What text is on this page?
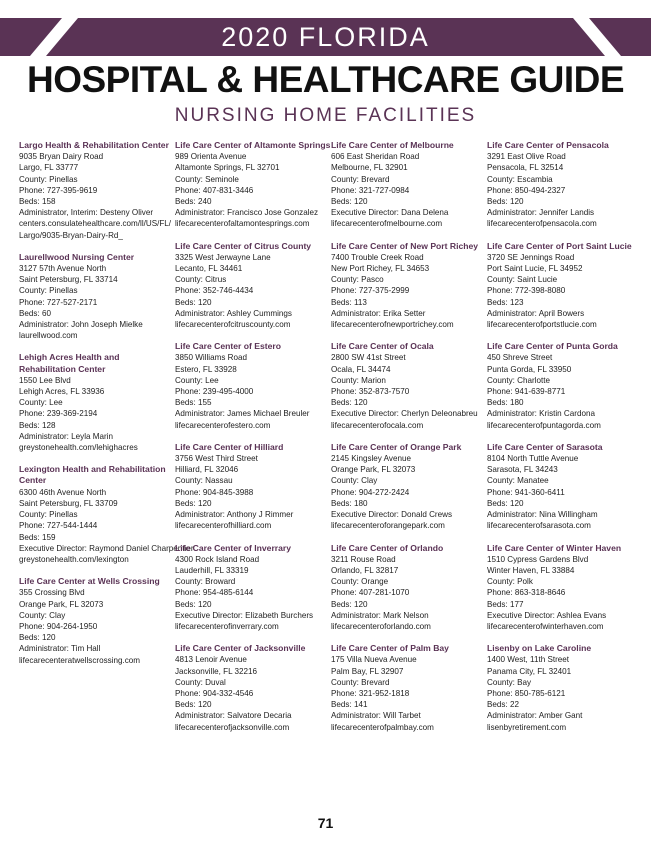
2020 FLORIDA
HOSPITAL & HEALTHCARE GUIDE
NURSING HOME FACILITIES
Largo Health & Rehabilitation Center
9035 Bryan Dairy Road
Largo, FL 33777
County: Pinellas
Phone: 727-395-9619
Beds: 158
Administrator, Interim: Desteny Oliver
centers.consulatehealthcare.com/ll/US/FL/
Largo/9035-Bryan-Dairy-Rd_
Laurellwood Nursing Center
3127 57th Avenue North
Saint Petersburg, FL 33714
County: Pinellas
Phone: 727-527-2171
Beds: 60
Administrator: John Joseph Mielke
laurellwood.com
Lehigh Acres Health and Rehabilitation Center
1550 Lee Blvd
Lehigh Acres, FL 33936
County: Lee
Phone: 239-369-2194
Beds: 128
Administrator: Leyla Marin
greystonehealth.com/lehighacres
Lexington Health and Rehabilitation Center
6300 46th Avenue North
Saint Petersburg, FL 33709
County: Pinellas
Phone: 727-544-1444
Beds: 159
Executive Director: Raymond Daniel Charpentier
greystonehealth.com/lexington
Life Care Center at Wells Crossing
355 Crossing Blvd
Orange Park, FL 32073
County: Clay
Phone: 904-264-1950
Beds: 120
Administrator: Tim Hall
lifecarecenteratwellscrossing.com
Life Care Center of Altamonte Springs
989 Orienta Avenue
Altamonte Springs, FL 32701
County: Seminole
Phone: 407-831-3446
Beds: 240
Administrator: Francisco Jose Gonzalez
lifecarecenterofaltamontesprings.com
Life Care Center of Citrus County
3325 West Jerwayne Lane
Lecanto, FL 34461
County: Citrus
Phone: 352-746-4434
Beds: 120
Administrator: Ashley Cummings
lifecarecenterofcitruscounty.com
Life Care Center of Estero
3850 Williams Road
Estero, FL 33928
County: Lee
Phone: 239-495-4000
Beds: 155
Administrator: James Michael Breuler
lifecarecenterofestero.com
Life Care Center of Hilliard
3756 West Third Street
Hilliard, FL 32046
County: Nassau
Phone: 904-845-3988
Beds: 120
Administrator: Anthony J Rimmer
lifecarecenterofhilliard.com
Life Care Center of Inverrary
4300 Rock Island Road
Lauderhill, FL 33319
County: Broward
Phone: 954-485-6144
Beds: 120
Executive Director: Elizabeth Burchers
lifecarecenterofinverrary.com
Life Care Center of Jacksonville
4813 Lenoir Avenue
Jacksonville, FL 32216
County: Duval
Phone: 904-332-4546
Beds: 120
Administrator: Salvatore Decaria
lifecarecenterofjacksonville.com
Life Care Center of Melbourne
606 East Sheridan Road
Melbourne, FL 32901
County: Brevard
Phone: 321-727-0984
Beds: 120
Executive Director: Dana Delena
lifecarecenterofmelbourne.com
Life Care Center of New Port Richey
7400 Trouble Creek Road
New Port Richey, FL 34653
County: Pasco
Phone: 727-375-2999
Beds: 113
Administrator: Erika Setter
lifecarecenterofnewportrichey.com
Life Care Center of Ocala
2800 SW 41st Street
Ocala, FL 34474
County: Marion
Phone: 352-873-7570
Beds: 120
Executive Director: Cherlyn Deleonabreu
lifecarecenterofocala.com
Life Care Center of Orange Park
2145 Kingsley Avenue
Orange Park, FL 32073
County: Clay
Phone: 904-272-2424
Beds: 180
Executive Director: Donald Crews
lifecarecenteroforangepark.com
Life Care Center of Orlando
3211 Rouse Road
Orlando, FL 32817
County: Orange
Phone: 407-281-1070
Beds: 120
Administrator: Mark Nelson
lifecarecenteroforlando.com
Life Care Center of Palm Bay
175 Villa Nueva Avenue
Palm Bay, FL 32907
County: Brevard
Phone: 321-952-1818
Beds: 141
Administrator: Will Tarbet
lifecarecenterofpalmbay.com
Life Care Center of Pensacola
3291 East Olive Road
Pensacola, FL 32514
County: Escambia
Phone: 850-494-2327
Beds: 120
Administrator: Jennifer Landis
lifecarecenterofpensacola.com
Life Care Center of Port Saint Lucie
3720 SE Jennings Road
Port Saint Lucie, FL 34952
County: Saint Lucie
Phone: 772-398-8080
Beds: 123
Administrator: April Bowers
lifecarecenterofportstlucie.com
Life Care Center of Punta Gorda
450 Shreve Street
Punta Gorda, FL 33950
County: Charlotte
Phone: 941-639-8771
Beds: 180
Administrator: Kristin Cardona
lifecarecenterofpuntagorda.com
Life Care Center of Sarasota
8104 North Tuttle Avenue
Sarasota, FL 34243
County: Manatee
Phone: 941-360-6411
Beds: 120
Administrator: Nina Willingham
lifecarecenterofsarasota.com
Life Care Center of Winter Haven
1510 Cypress Gardens Blvd
Winter Haven, FL 33884
County: Polk
Phone: 863-318-8646
Beds: 177
Executive Director: Ashlea Evans
lifecarecenterofwinterhaven.com
Lisenby on Lake Caroline
1400 West, 11th Street
Panama City, FL 32401
County: Bay
Phone: 850-785-6121
Beds: 22
Administrator: Amber Gant
lisenbyretirement.com
71
